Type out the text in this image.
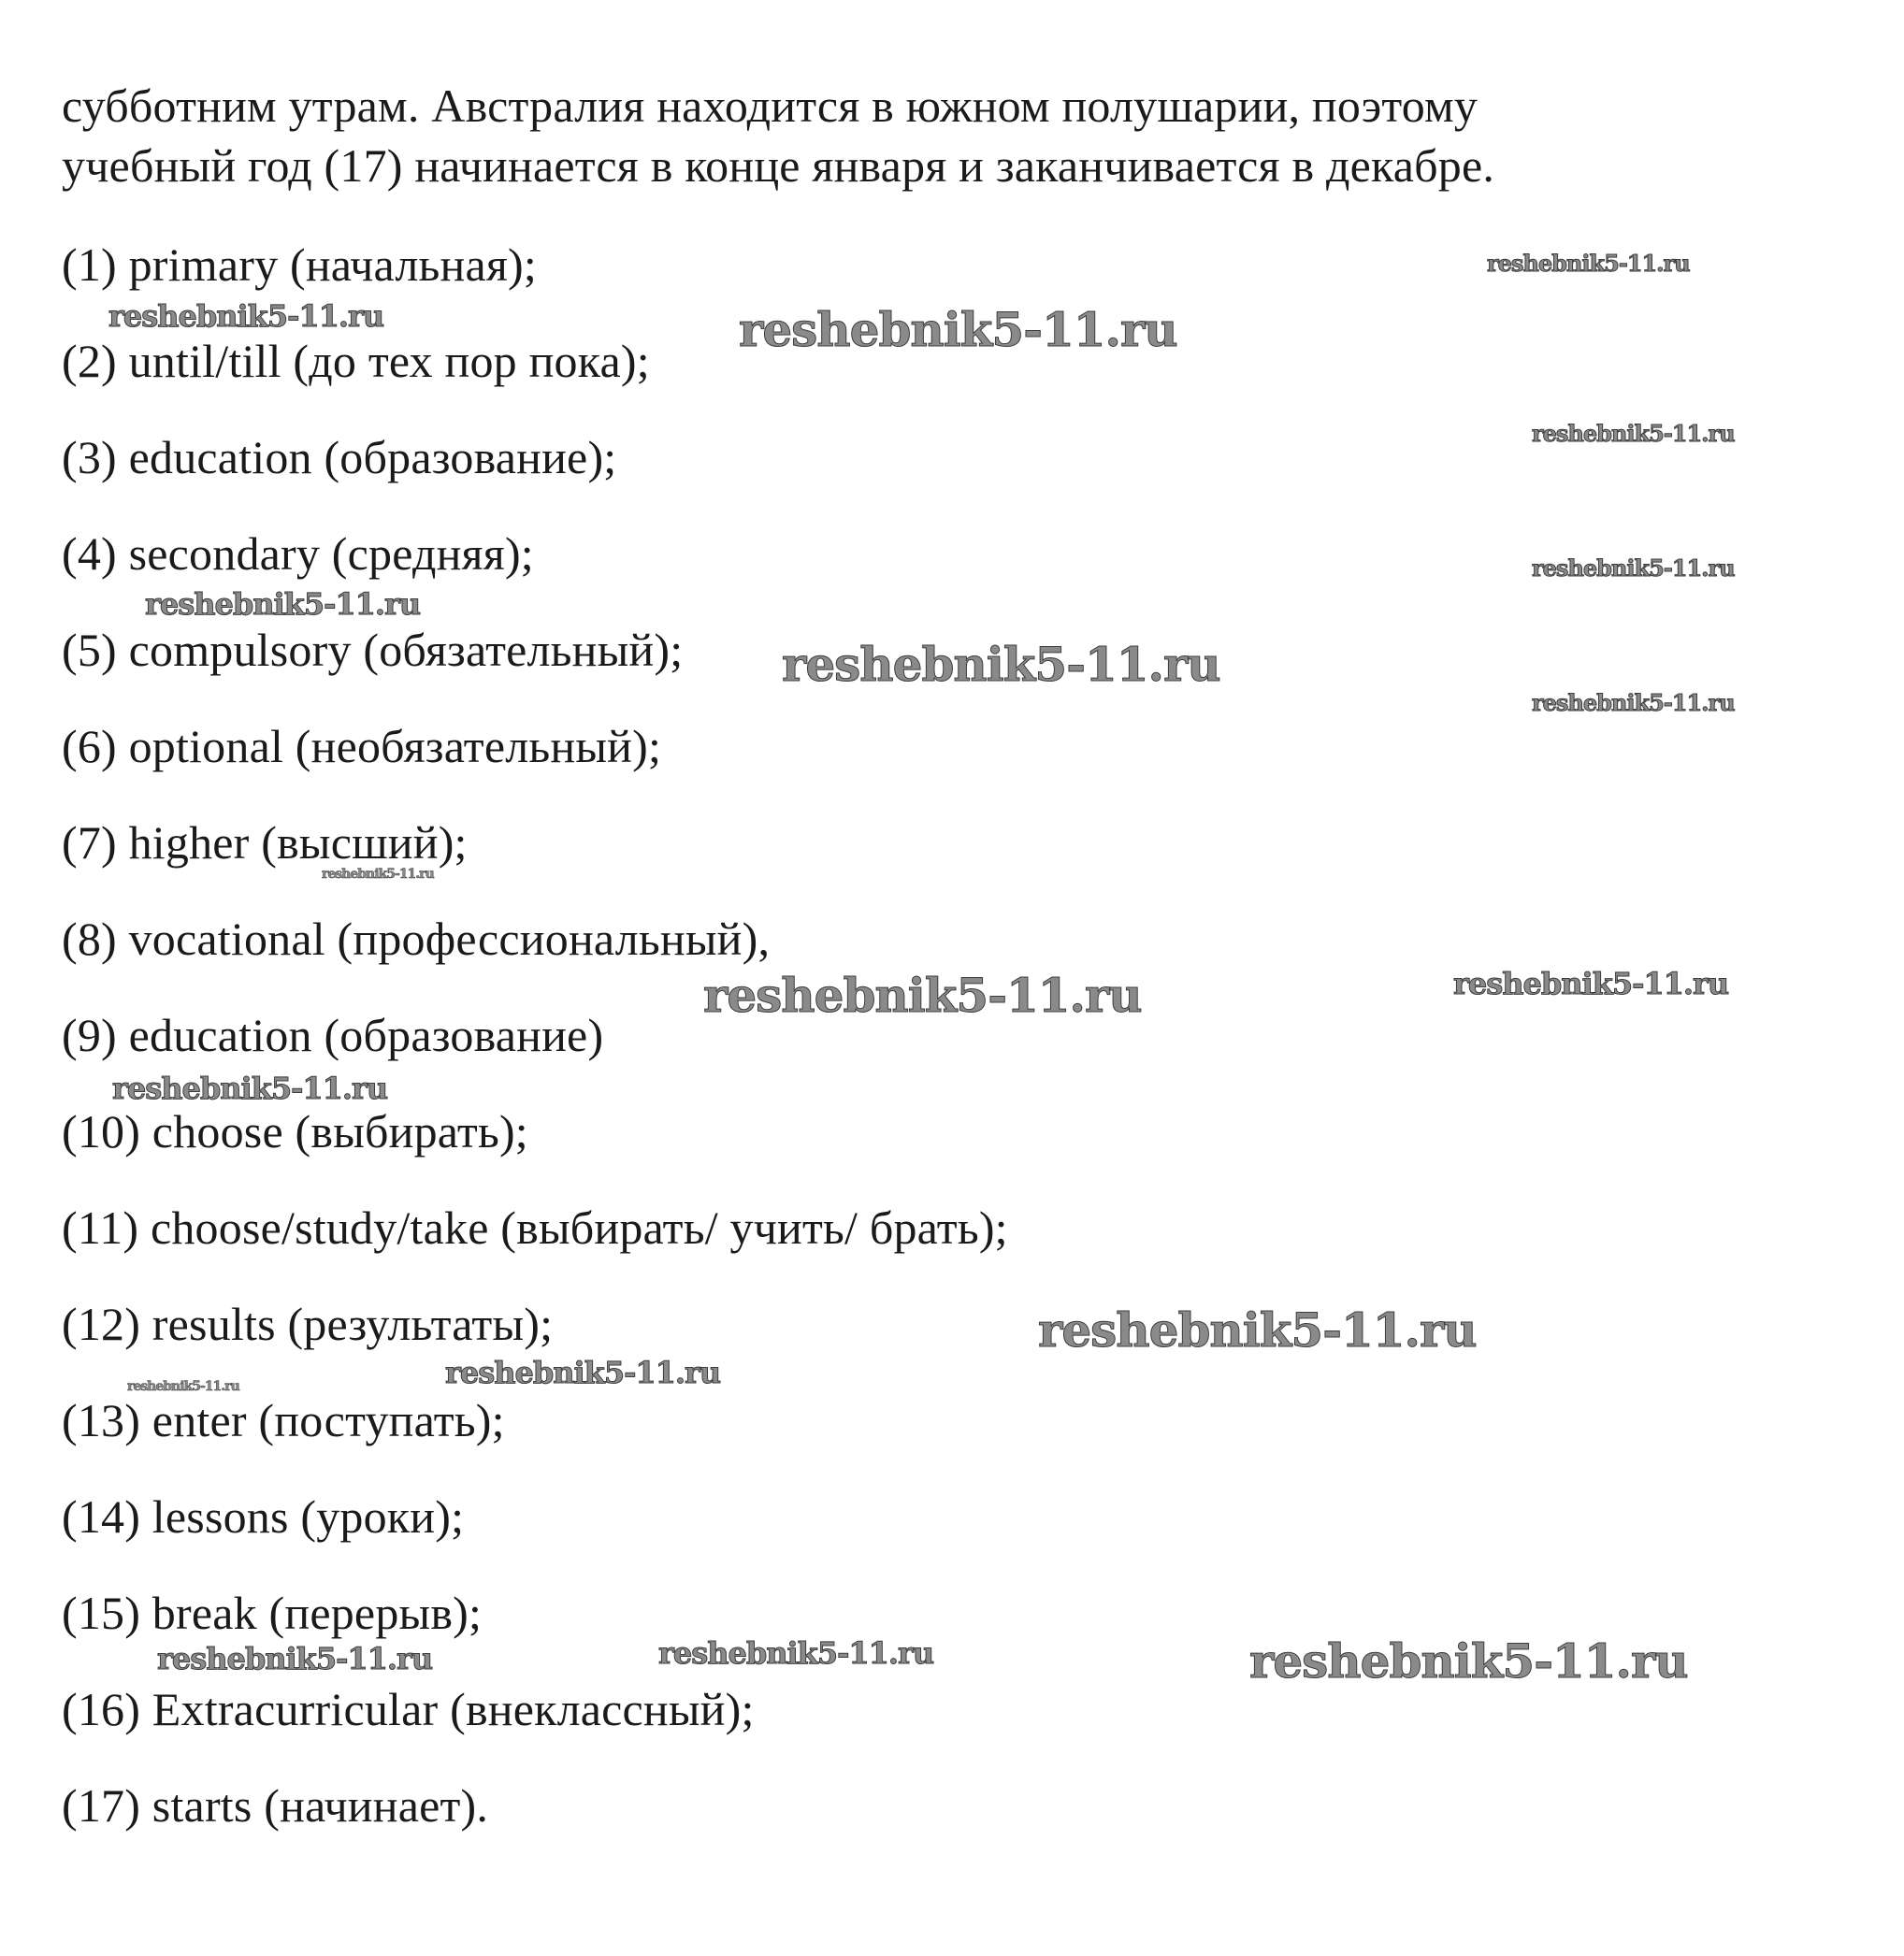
субботним утрам. Австралия находится в южном полушарии, поэтому
учебный год (17) начинается в конце января и заканчивается в декабре.
(1) primary (начальная);
(2) until/till (до тех пор пока);
(3) education (образование);
(4) secondary (средняя);
(5) compulsory (обязательный);
(6) optional (необязательный);
(7) higher (высший);
(8) vocational (профессиональный),
(9) education (образование)
(10) choose (выбирать);
(11) choose/study/take (выбирать/ учить/ брать);
(12) results (результаты);
(13) enter (поступать);
(14) lessons (уроки);
(15) break (перерыв);
(16) Extracurricular (внеклассный);
(17) starts (начинает).
reshebnik5-11.ru
reshebnik5-11.ru	reshebnik5-11.ru
reshebnik5-11.ru
reshebnik5-11.ru
reshebnik5-11.ru
reshebnik5-11.ru
reshebnik5-11.ru
reshebnik5-11.ru
reshebnik5-11.ru
reshebnik5-11.ru
reshebnik5-11.ru
reshebnik5-11.ru
reshebnik5-11.ru
reshebnik5-11.ru
reshebnik5-11.ru	reshebnik5-11.ru	reshebnik5-11.ru
